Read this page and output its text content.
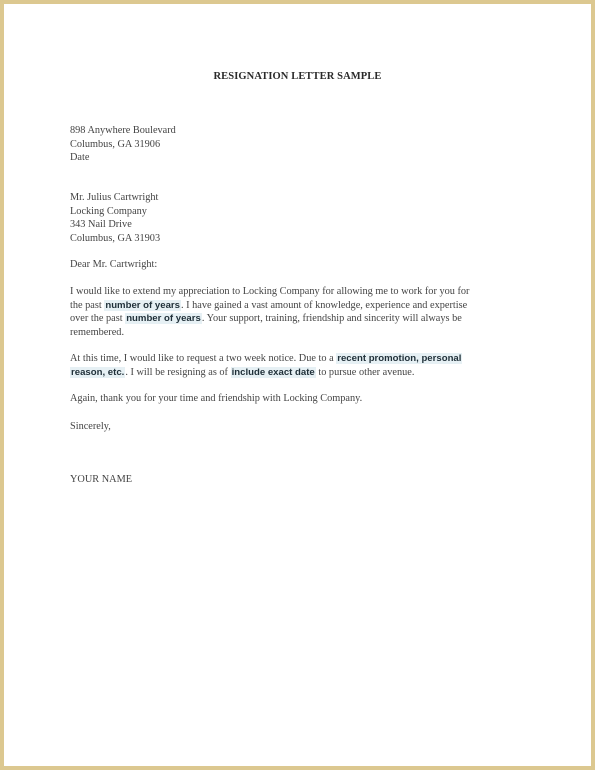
RESIGNATION LETTER SAMPLE
898 Anywhere Boulevard
Columbus, GA 31906
Date
Mr. Julius Cartwright
Locking Company
343 Nail Drive
Columbus, GA 31903
Dear Mr. Cartwright:
I would like to extend my appreciation to Locking Company for allowing me to work for you for
the past number of years. I have gained a vast amount of knowledge, experience and expertise
over the past number of years. Your support, training, friendship and sincerity will always be
remembered.
At this time, I would like to request a two week notice. Due to a recent promotion, personal
reason, etc.. I will be resigning as of include exact date to pursue other avenue.
Again, thank you for your time and friendship with Locking Company.
Sincerely,
YOUR NAME
